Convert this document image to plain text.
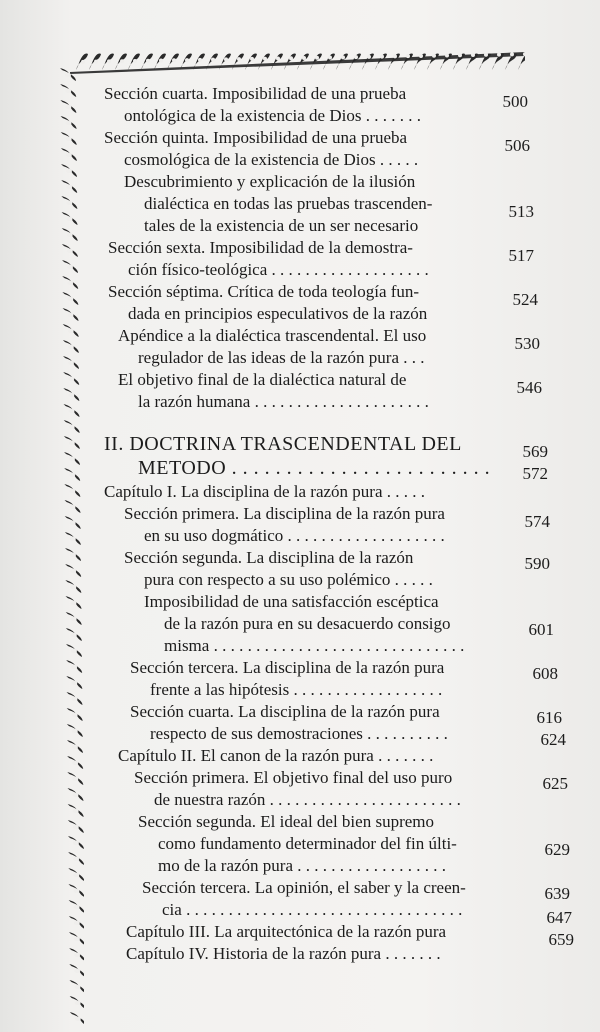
Sección cuarta. Imposibilidad de una prueba
ontológica de la existencia de Dios . . . . . . .
Sección quinta. Imposibilidad de una prueba
cosmológica de la existencia de Dios . . . . .
Descubrimiento y explicación de la ilusión
dialéctica en todas las pruebas trascenden-
tales de la existencia de un ser necesario
Sección sexta. Imposibilidad de la demostra-
ción físico-teológica . . . . . . . . . . . . . . . . . . .
Sección séptima. Crítica de toda teología fun-
dada en principios especulativos de la razón
Apéndice a la dialéctica trascendental. El uso
regulador de las ideas de la razón pura . . .
El objetivo final de la dialéctica natural de
la razón humana . . . . . . . . . . . . . . . . . . . . .
II. DOCTRINA TRASCENDENTAL DEL
METODO . . . . . . . . . . . . . . . . . . . . . . . .
Capítulo I. La disciplina de la razón pura . . . . .
Sección primera. La disciplina de la razón pura
en su uso dogmático . . . . . . . . . . . . . . . . . . .
Sección segunda. La disciplina de la razón
pura con respecto a su uso polémico . . . . .
Imposibilidad de una satisfacción escéptica
de la razón pura en su desacuerdo consigo
misma . . . . . . . . . . . . . . . . . . . . . . . . . . . . . .
Sección tercera. La disciplina de la razón pura
frente a las hipótesis . . . . . . . . . . . . . . . . . .
Sección cuarta. La disciplina de la razón pura
respecto de sus demostraciones . . . . . . . . . .
Capítulo II. El canon de la razón pura . . . . . . .
Sección primera. El objetivo final del uso puro
de nuestra razón . . . . . . . . . . . . . . . . . . . . . . .
Sección segunda. El ideal del bien supremo
como fundamento determinador del fin últi-
mo de la razón pura . . . . . . . . . . . . . . . . . .
Sección tercera. La opinión, el saber y la creen-
cia . . . . . . . . . . . . . . . . . . . . . . . . . . . . . . . . .
Capítulo III. La arquitectónica de la razón pura
Capítulo IV. Historia de la razón pura . . . . . . .
500
506
513
517
524
530
546
569
572
574
590
601
608
616
624
625
629
639
647
659
